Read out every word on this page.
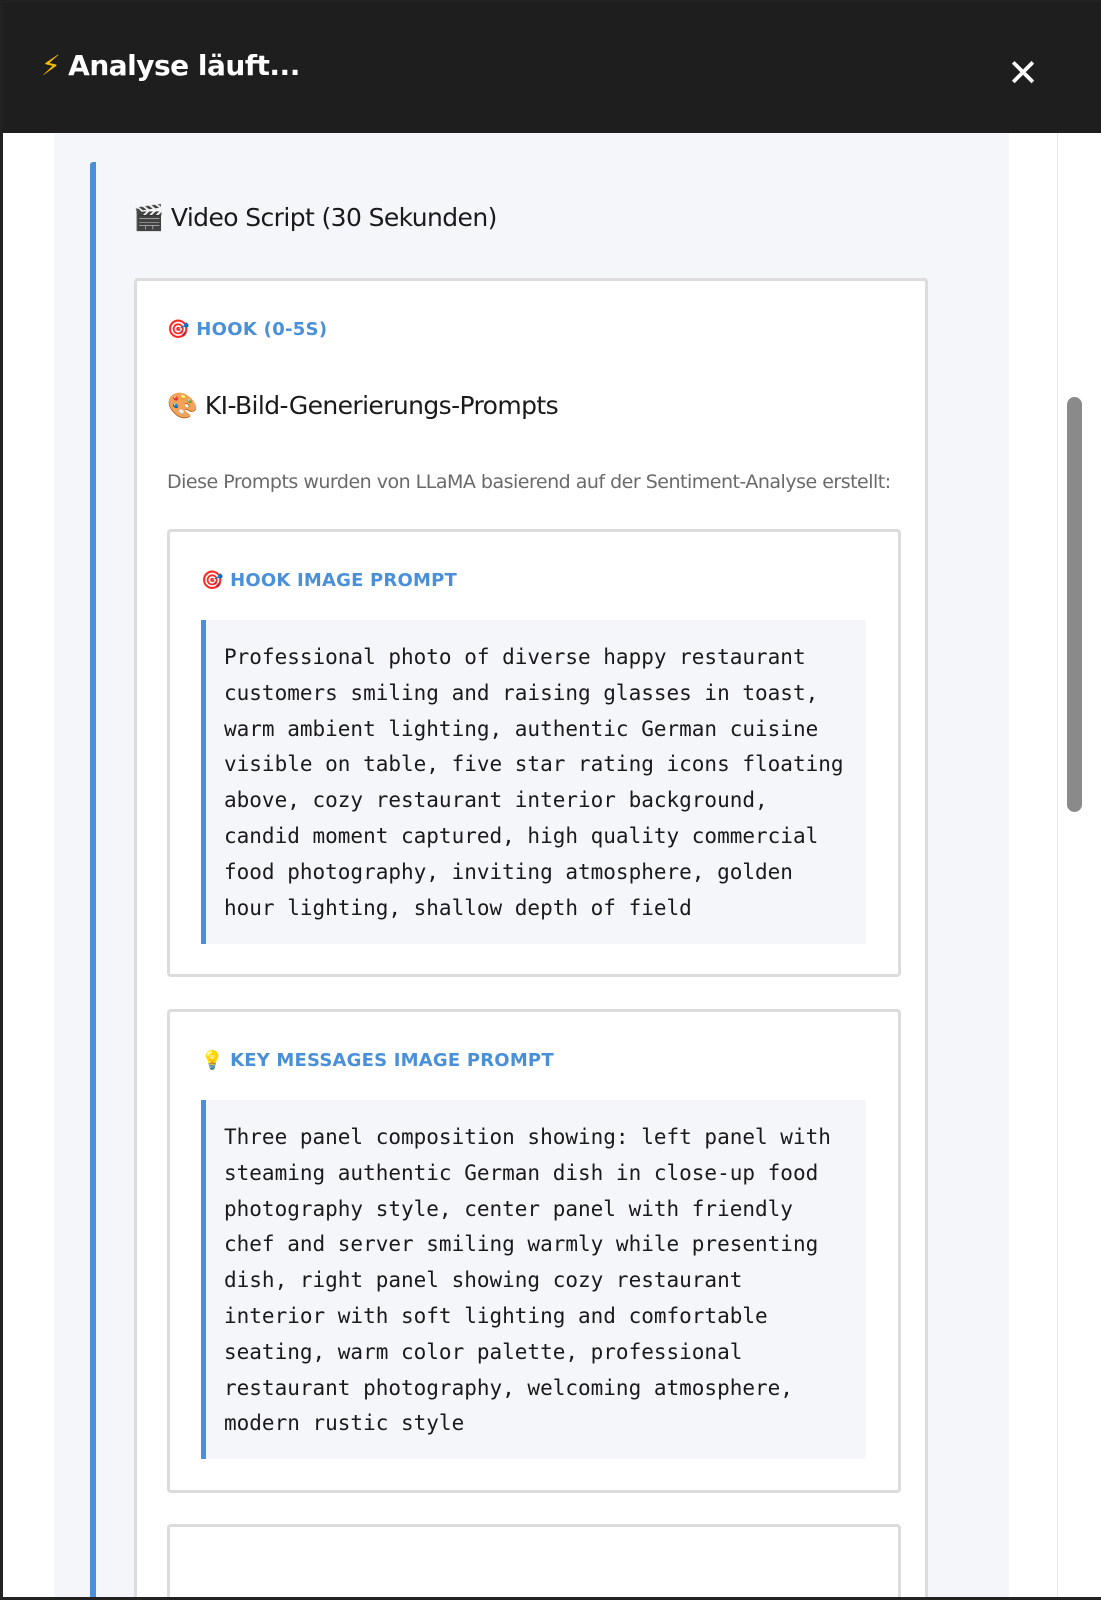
⚡ Analyse läuft...	✕
🎬 Video Script (30 Sekunden)
🎯 HOOK (0-5S)
🎨 KI-Bild-Generierungs-Prompts
Diese Prompts wurden von LLaMA basierend auf der Sentiment-Analyse erstellt:
🎯 HOOK IMAGE PROMPT

Professional photo of diverse happy restaurant
customers smiling and raising glasses in toast,
warm ambient lighting, authentic German cuisine
visible on table, five star rating icons floating
above, cozy restaurant interior background,
candid moment captured, high quality commercial
food photography, inviting atmosphere, golden
hour lighting, shallow depth of field

💡 KEY MESSAGES IMAGE PROMPT

Three panel composition showing: left panel with
steaming authentic German dish in close-up food
photography style, center panel with friendly
chef and server smiling warmly while presenting
dish, right panel showing cozy restaurant
interior with soft lighting and comfortable
seating, warm color palette, professional
restaurant photography, welcoming atmosphere,
modern rustic style
